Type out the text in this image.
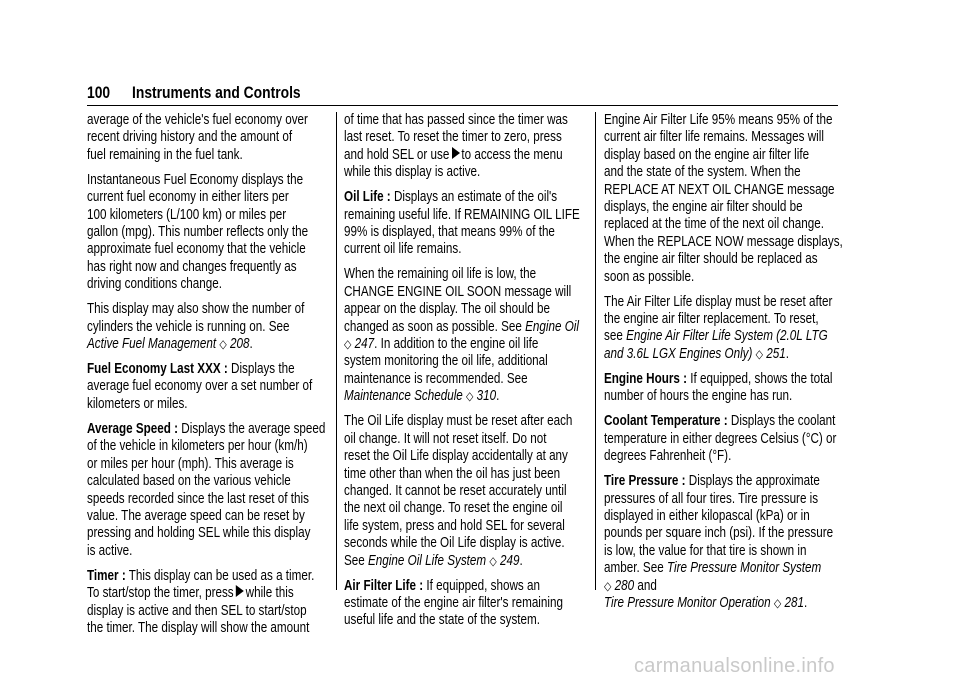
100 Instruments and Controls

average of the vehicle's fuel economy over
recent driving history and the amount of
fuel remaining in the fuel tank.

Instantaneous Fuel Economy displays the
current fuel economy in either liters per
100 kilometers (L/100 km) or miles per
gallon (mpg). This number reflects only the
approximate fuel economy that the vehicle
has right now and changes frequently as
driving conditions change.

This display may also show the number of
cylinders the vehicle is running on. See
Active Fuel Management ◇ 208.

Fuel Economy Last XXX : Displays the
average fuel economy over a set number of
kilometers or miles.

Average Speed : Displays the average speed
of the vehicle in kilometers per hour (km/h)
or miles per hour (mph). This average is
calculated based on the various vehicle
speeds recorded since the last reset of this
value. The average speed can be reset by
pressing and holding SEL while this display
is active.

Timer : This display can be used as a timer.
To start/stop the timer, press while this
display is active and then SEL to start/stop
the timer. The display will show the amount

of time that has passed since the timer was
last reset. To reset the timer to zero, press
and hold SEL or use to access the menu
while this display is active.

Oil Life : Displays an estimate of the oil's
remaining useful life. If REMAINING OIL LIFE
99% is displayed, that means 99% of the
current oil life remains.

When the remaining oil life is low, the
CHANGE ENGINE OIL SOON message will
appear on the display. The oil should be
changed as soon as possible. See Engine Oil
◇ 247. In addition to the engine oil life
system monitoring the oil life, additional
maintenance is recommended. See
Maintenance Schedule ◇ 310.

The Oil Life display must be reset after each
oil change. It will not reset itself. Do not
reset the Oil Life display accidentally at any
time other than when the oil has just been
changed. It cannot be reset accurately until
the next oil change. To reset the engine oil
life system, press and hold SEL for several
seconds while the Oil Life display is active.
See Engine Oil Life System ◇ 249.

Air Filter Life : If equipped, shows an
estimate of the engine air filter's remaining
useful life and the state of the system.

Engine Air Filter Life 95% means 95% of the
current air filter life remains. Messages will
display based on the engine air filter life
and the state of the system. When the
REPLACE AT NEXT OIL CHANGE message
displays, the engine air filter should be
replaced at the time of the next oil change.
When the REPLACE NOW message displays,
the engine air filter should be replaced as
soon as possible.

The Air Filter Life display must be reset after
the engine air filter replacement. To reset,
see Engine Air Filter Life System (2.0L LTG
and 3.6L LGX Engines Only) ◇ 251.

Engine Hours : If equipped, shows the total
number of hours the engine has run.

Coolant Temperature : Displays the coolant
temperature in either degrees Celsius (°C) or
degrees Fahrenheit (°F).

Tire Pressure : Displays the approximate
pressures of all four tires. Tire pressure is
displayed in either kilopascal (kPa) or in
pounds per square inch (psi). If the pressure
is low, the value for that tire is shown in
amber. See Tire Pressure Monitor System
◇ 280 and
Tire Pressure Monitor Operation ◇ 281.

carmanualsonline.info
